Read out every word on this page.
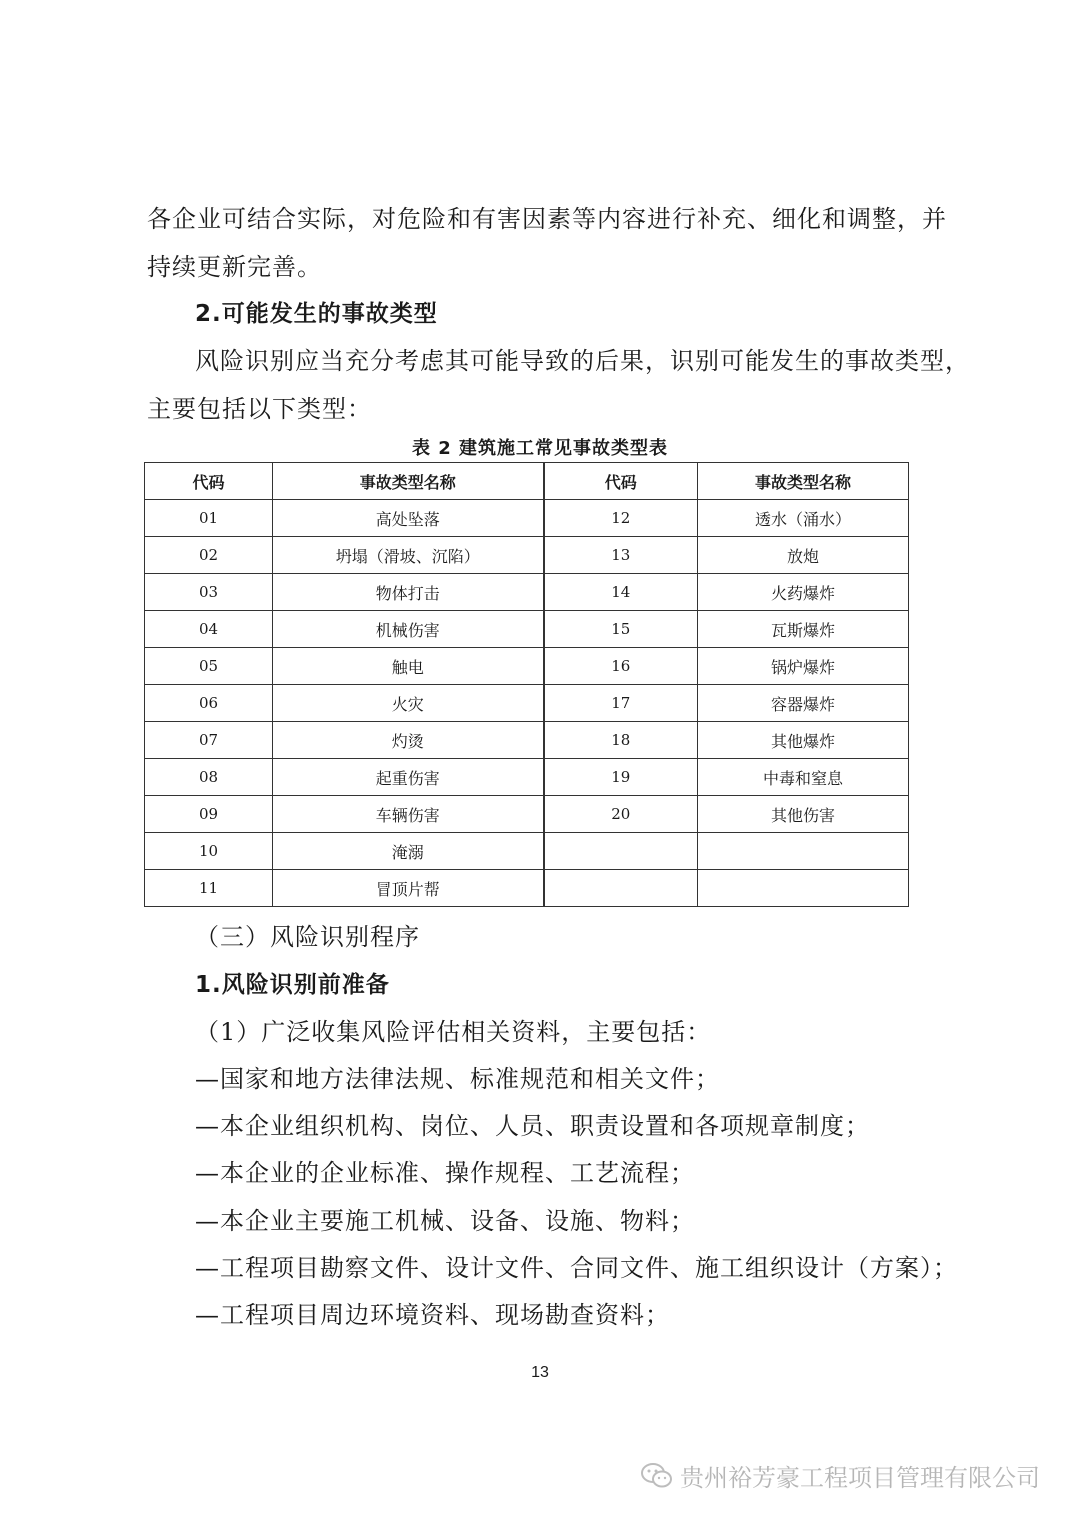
各企业可结合实际，对危险和有害因素等内容进行补充、细化和调整，并
持续更新完善。
2.可能发生的事故类型
风险识别应当充分考虑其可能导致的后果，识别可能发生的事故类型，
主要包括以下类型：
表 2 建筑施工常见事故类型表
代码	事故类型名称	代码	事故类型名称
01	高处坠落	12	透水（涌水）
02	坍塌（滑坡、沉陷）	13	放炮
03	物体打击	14	火药爆炸
04	机械伤害	15	瓦斯爆炸
05	触电	16	锅炉爆炸
06	火灾	17	容器爆炸
07	灼烫	18	其他爆炸
08	起重伤害	19	中毒和窒息
09	车辆伤害	20	其他伤害
10	淹溺		
11	冒顶片帮		
（三）风险识别程序
1.风险识别前准备
（1）广泛收集风险评估相关资料，主要包括：
—国家和地方法律法规、标准规范和相关文件；
—本企业组织机构、岗位、人员、职责设置和各项规章制度；
—本企业的企业标准、操作规程、工艺流程；
—本企业主要施工机械、设备、设施、物料；
—工程项目勘察文件、设计文件、合同文件、施工组织设计（方案）；
—工程项目周边环境资料、现场勘查资料；
13
贵州裕芳豪工程项目管理有限公司
